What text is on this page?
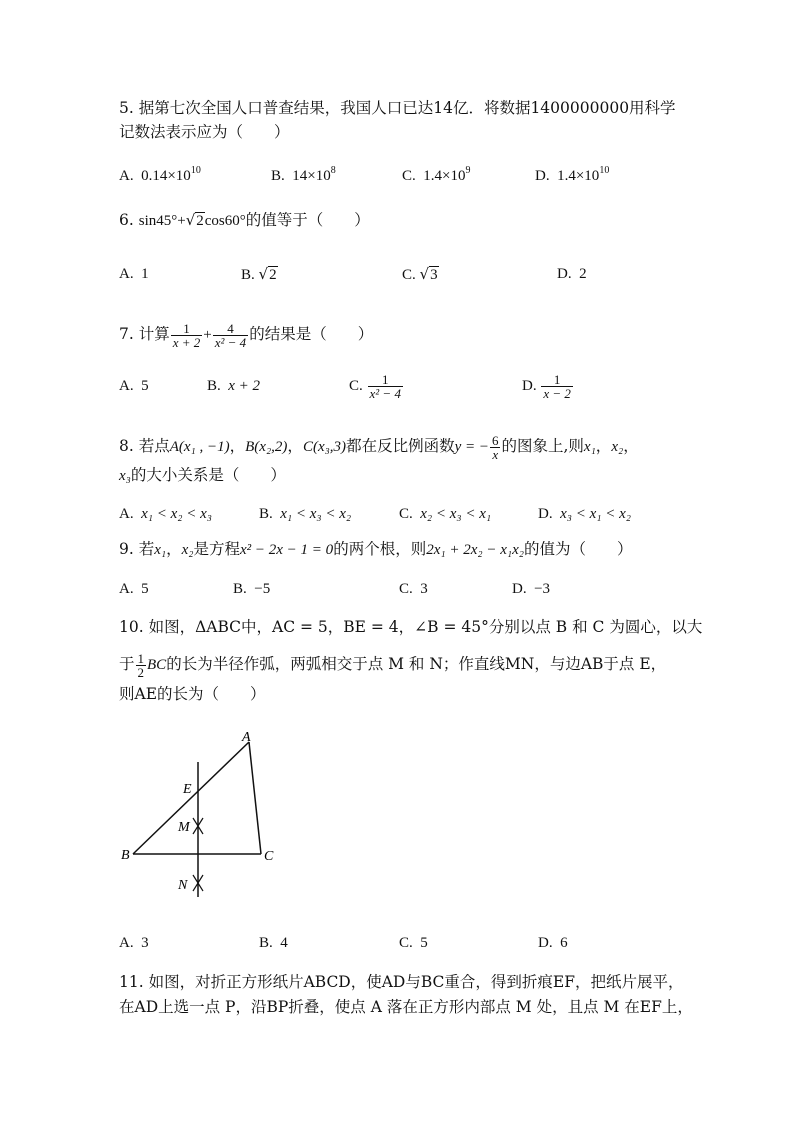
5. 据第七次全国人口普查结果，我国人口已达14亿．将数据1400000000用科学
记数法表示应为（　　）
A. $0.14\times 10^{10}$	B. $14\times 10^8$	C. $1.4\times 10^9$	D. $1.4\times 10^{10}$
6. sin45°+√2cos60°的值等于（　　）
A. 1	B. √2	C. √3	D. 2
7. 计算 $\frac{1}{x + 2} + \frac{4}{\text{x² − 4}}$ 的结果是（　　）
A. 5	B. x + 2	C. $\frac{1}{\text{x² − 4}}$	D. $\frac{1}{x - 2}$
8. 若点A(x₁ , −1)，B(x₂,2)，C(x₃,3)都在反比例函数y = − $\frac{6}{x}$ 的图象上,则x₁，x₂，
x₃的大小关系是（　　）
A. x₁ < x₂ < x₃	B. x₁ < x₃ < x₂	C. x₂ < x₃ < x₁	D. x₃ < x₁ < x₂
9. 若x₁，x₂是方程x² − 2x − 1 = 0的两个根，则2x₁ + 2x₂ − x₁x₂的值为（　　）
A. 5	B. −5	C. 3	D. −3
10. 如图，ΔABC中，AC = 5，BE = 4，∠B = 45°分别以点 B 和 C 为圆心，以大
于 $\frac{1}{2}$ BC的长为半径作弧，两弧相交于点 M 和 N；作直线MN，与边AB于点 E，
则AE的长为（　　）
A
B	C
E
M
N
A. 3	B. 4	C. 5	D. 6
11. 如图，对折正方形纸片ABCD，使AD与BC重合，得到折痕EF，把纸片展平，
在AD上选一点 P，沿BP折叠，使点 A 落在正方形内部点 M 处，且点 M 在EF上，
